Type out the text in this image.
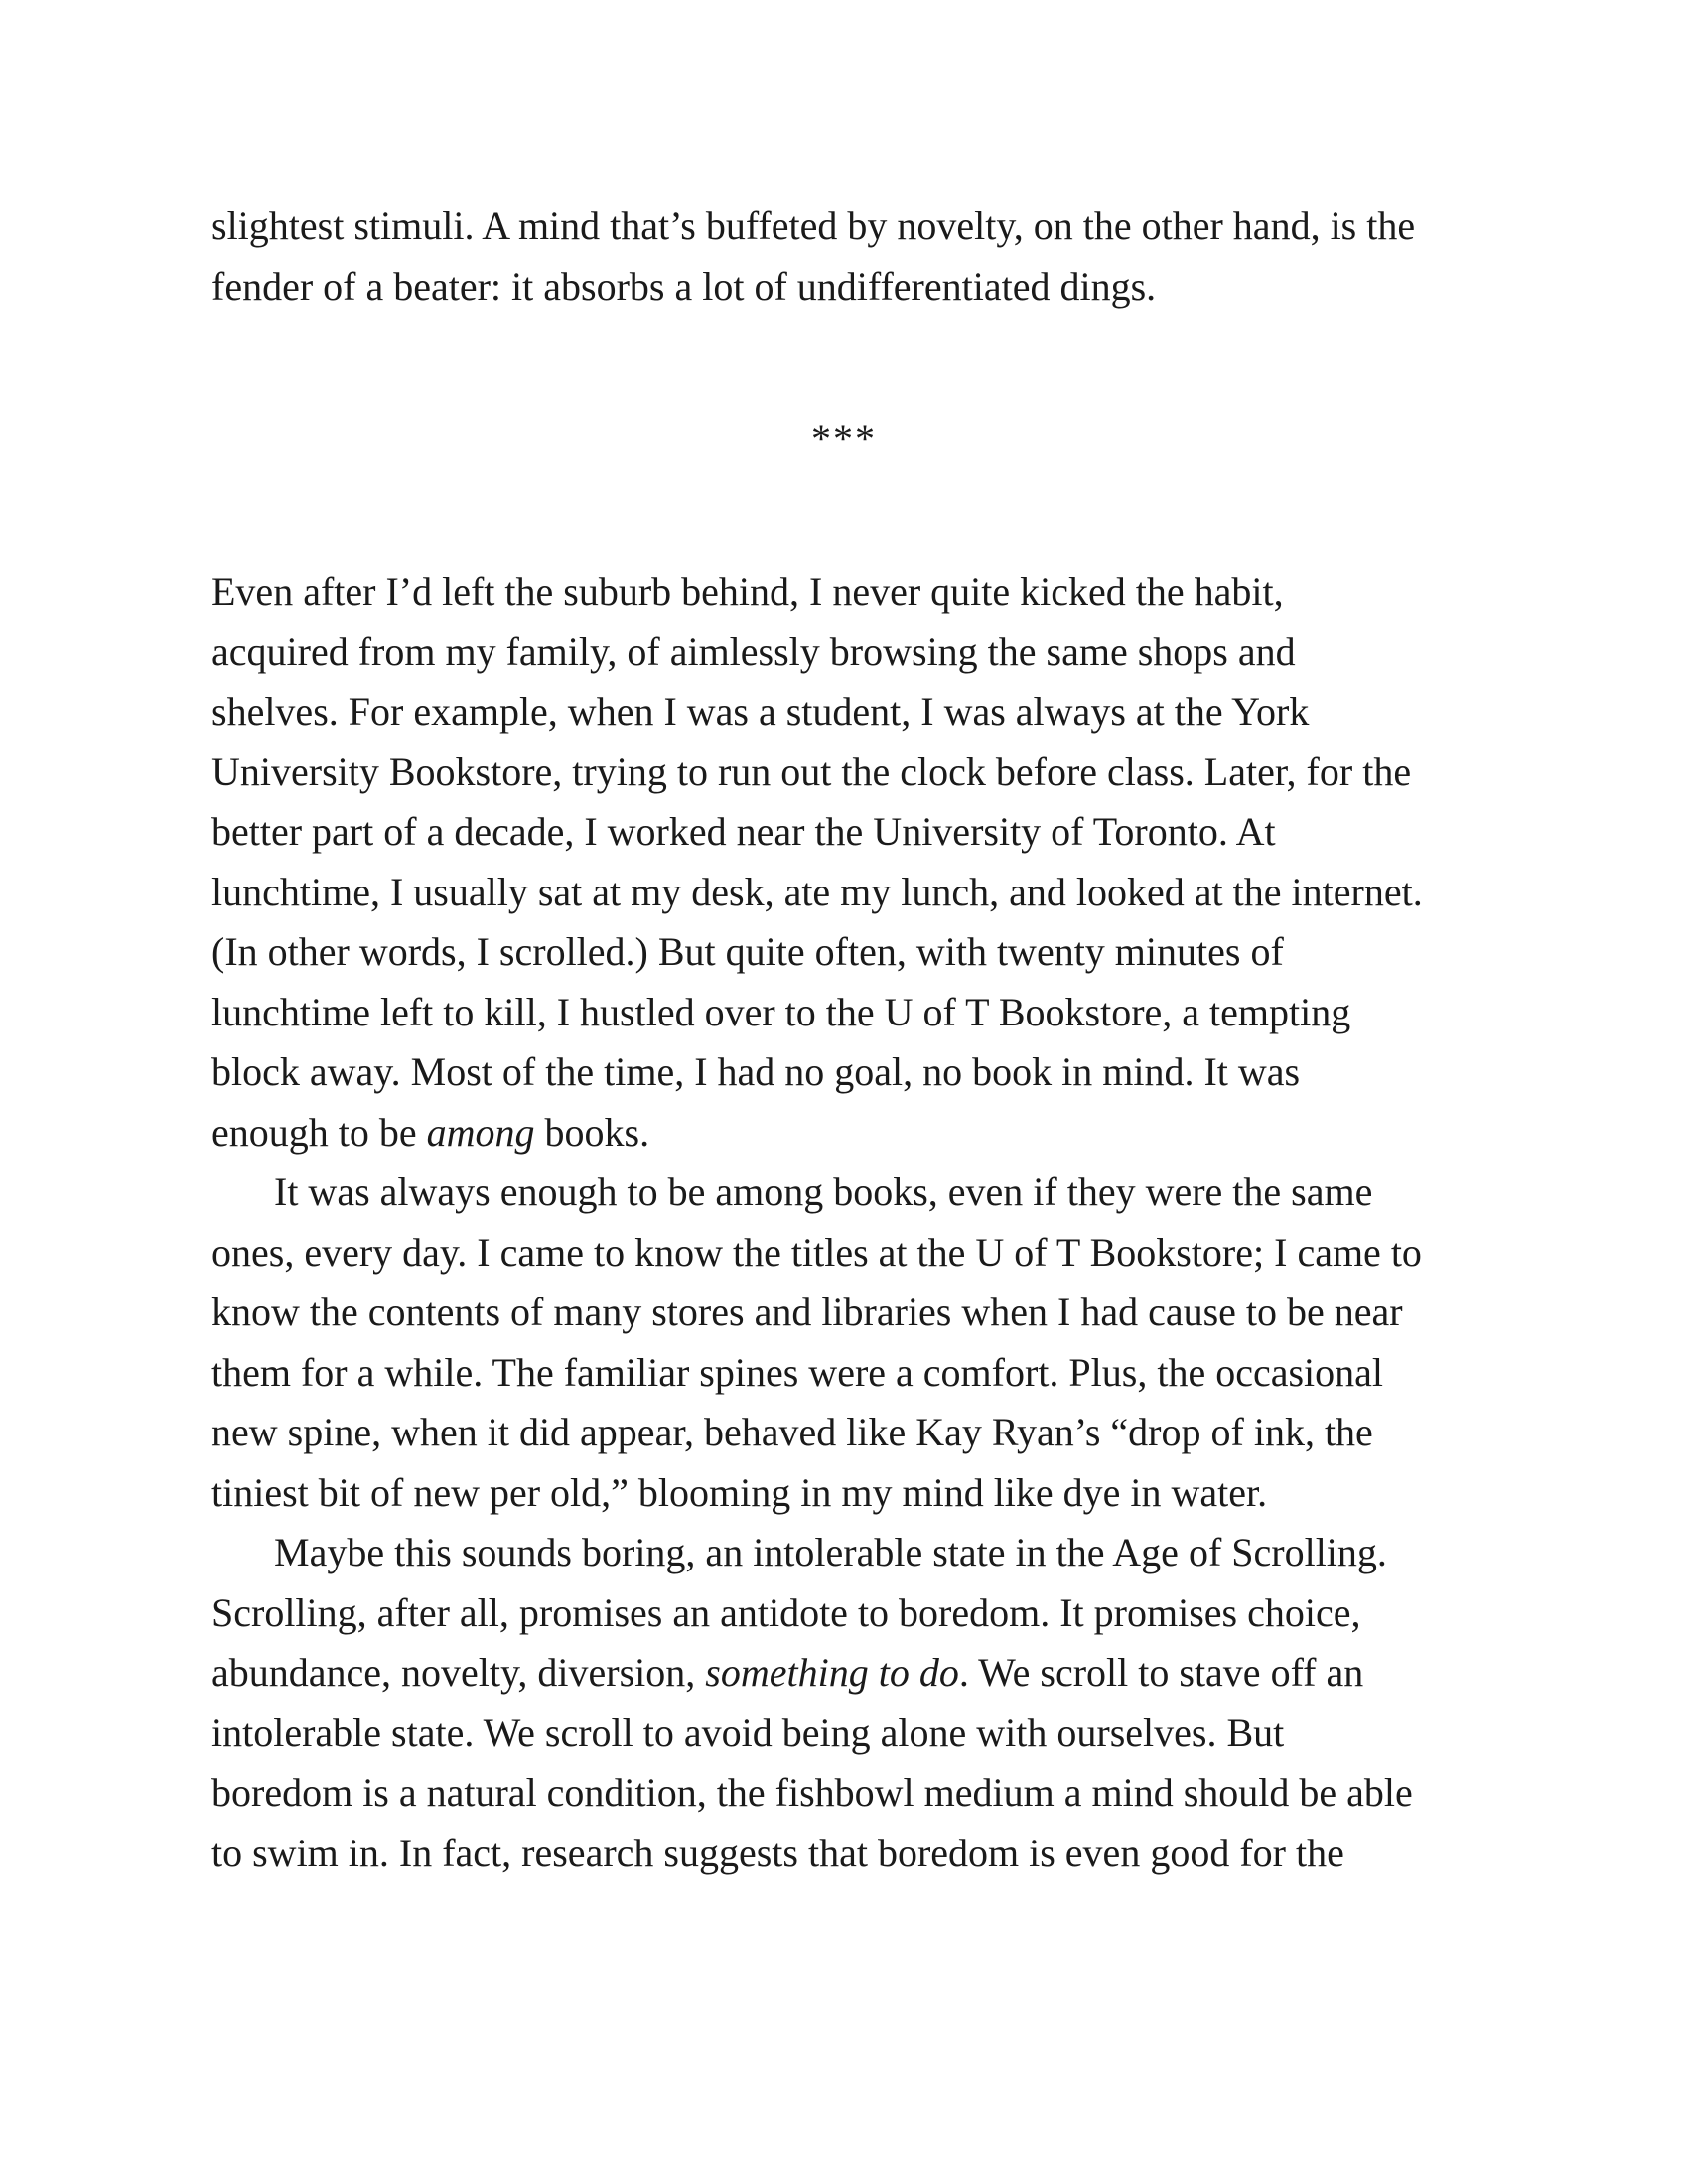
slightest stimuli. A mind that’s buffeted by novelty, on the other hand, is the
fender of a beater: it absorbs a lot of undifferentiated dings.
***
Even after I’d left the suburb behind, I never quite kicked the habit,
acquired from my family, of aimlessly browsing the same shops and
shelves. For example, when I was a student, I was always at the York
University Bookstore, trying to run out the clock before class. Later, for the
better part of a decade, I worked near the University of Toronto. At
lunchtime, I usually sat at my desk, ate my lunch, and looked at the internet.
(In other words, I scrolled.) But quite often, with twenty minutes of
lunchtime left to kill, I hustled over to the U of T Bookstore, a tempting
block away. Most of the time, I had no goal, no book in mind. It was
enough to be among books.
It was always enough to be among books, even if they were the same
ones, every day. I came to know the titles at the U of T Bookstore; I came to
know the contents of many stores and libraries when I had cause to be near
them for a while. The familiar spines were a comfort. Plus, the occasional
new spine, when it did appear, behaved like Kay Ryan’s “drop of ink, the
tiniest bit of new per old,” blooming in my mind like dye in water.
Maybe this sounds boring, an intolerable state in the Age of Scrolling.
Scrolling, after all, promises an antidote to boredom. It promises choice,
abundance, novelty, diversion, something to do. We scroll to stave off an
intolerable state. We scroll to avoid being alone with ourselves. But
boredom is a natural condition, the fishbowl medium a mind should be able
to swim in. In fact, research suggests that boredom is even good for the
